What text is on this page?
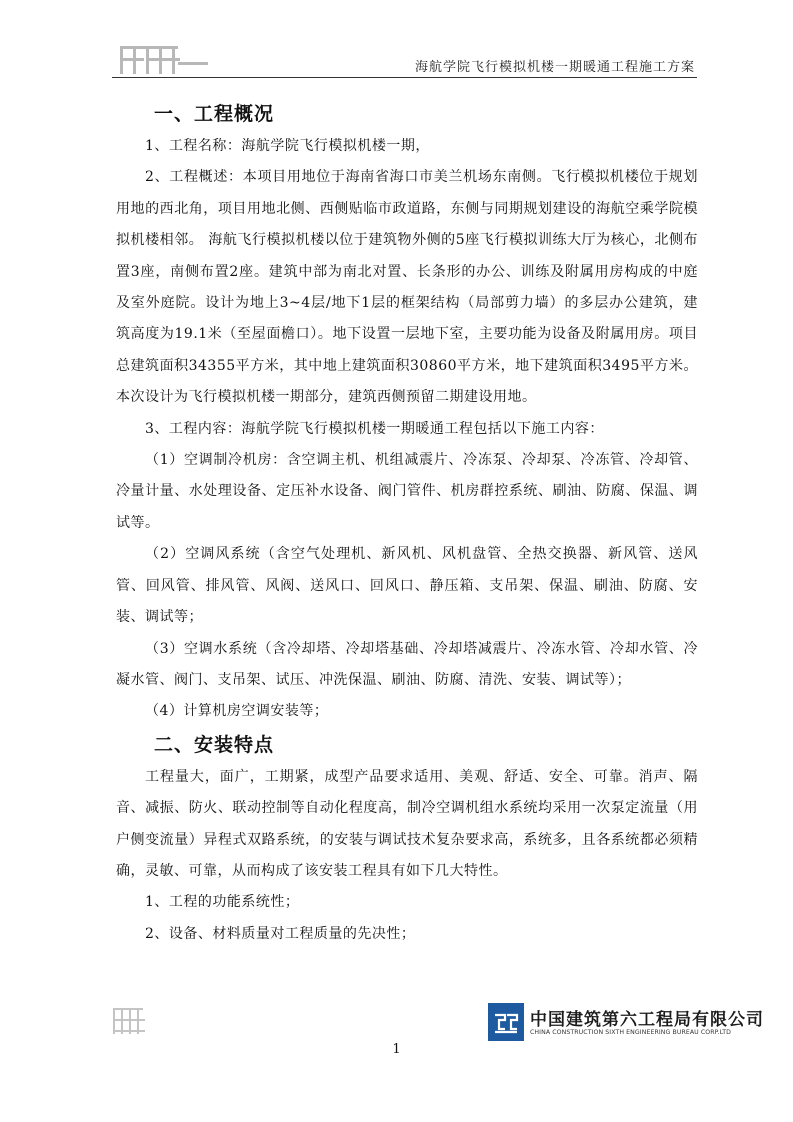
海航学院飞行模拟机楼一期暖通工程施工方案
一、工程概况

1、工程名称：海航学院飞行模拟机楼一期，

2、工程概述：本项目用地位于海南省海口市美兰机场东南侧。飞行模拟机楼位于规划用地的西北角，项目用地北侧、西侧贴临市政道路，东侧与同期规划建设的海航空乘学院模拟机楼相邻。 海航飞行模拟机楼以位于建筑物外侧的5座飞行模拟训练大厅为核心，北侧布置3座，南侧布置2座。建筑中部为南北对置、长条形的办公、训练及附属用房构成的中庭及室外庭院。设计为地上3~4层/地下1层的框架结构（局部剪力墙）的多层办公建筑，建筑高度为19.1米（至屋面檐口）。地下设置一层地下室，主要功能为设备及附属用房。项目总建筑面积34355平方米，其中地上建筑面积30860平方米，地下建筑面积3495平方米。本次设计为飞行模拟机楼一期部分，建筑西侧预留二期建设用地。

3、工程内容：海航学院飞行模拟机楼一期暖通工程包括以下施工内容：

（1）空调制冷机房：含空调主机、机组减震片、冷冻泵、冷却泵、冷冻管、冷却管、冷量计量、水处理设备、定压补水设备、阀门管件、机房群控系统、刷油、防腐、保温、调试等。

（2）空调风系统（含空气处理机、新风机、风机盘管、全热交换器、新风管、送风管、回风管、排风管、风阀、送风口、回风口、静压箱、支吊架、保温、刷油、防腐、安装、调试等；

（3）空调水系统（含冷却塔、冷却塔基础、冷却塔减震片、冷冻水管、冷却水管、冷凝水管、阀门、支吊架、试压、冲洗保温、刷油、防腐、清洗、安装、调试等）；

（4）计算机房空调安装等；

二、安装特点

工程量大，面广，工期紧，成型产品要求适用、美观、舒适、安全、可靠。消声、隔音、减振、防火、联动控制等自动化程度高，制冷空调机组水系统均采用一次泵定流量（用户侧变流量）异程式双路系统，的安装与调试技术复杂要求高，系统多，且各系统都必须精确，灵敏、可靠，从而构成了该安装工程具有如下几大特性。

1、工程的功能系统性；

2、设备、材料质量对工程质量的先决性；

中国建筑第六工程局有限公司
CHINA CONSTRUCTION SIXTH ENGINEERING BUREAU CORP.LTD
1
